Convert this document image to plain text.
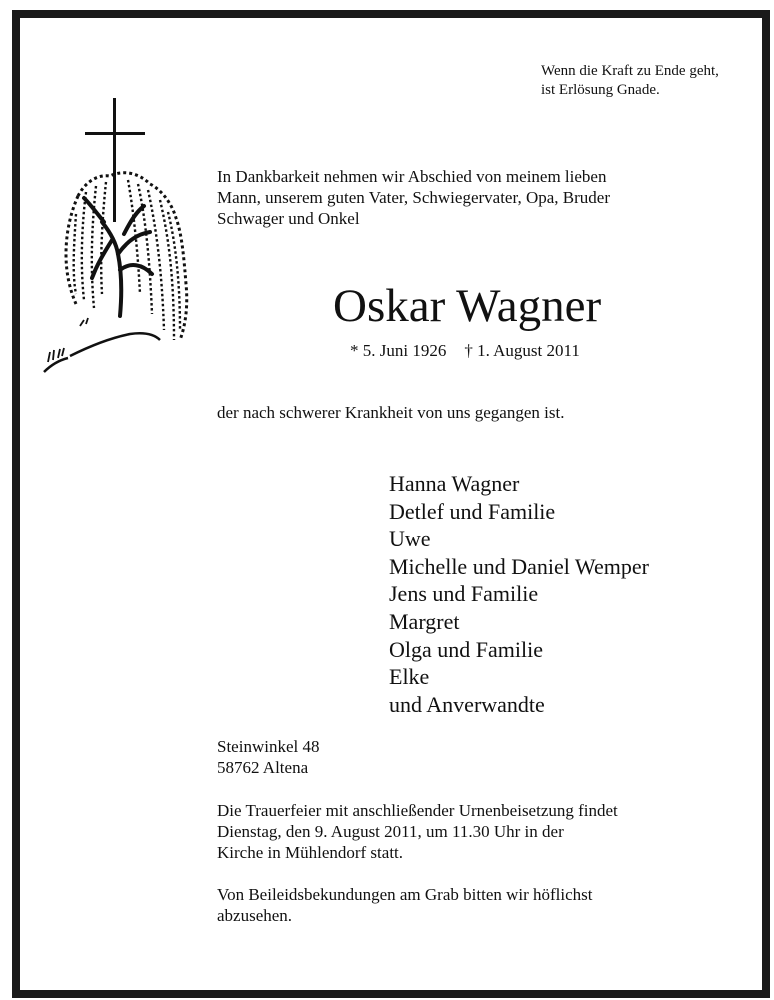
Wenn die Kraft zu Ende geht,
ist Erlösung Gnade.
In Dankbarkeit nehmen wir Abschied von meinem lieben
Mann, unserem guten Vater, Schwiegervater, Opa, Bruder
Schwager und Onkel
Oskar Wagner
* 5. Juni 1926 † 1. August 2011
der nach schwerer Krankheit von uns gegangen ist.
Hanna Wagner
Detlef und Familie
Uwe
Michelle und Daniel Wemper
Jens und Familie
Margret
Olga und Familie
Elke
und Anverwandte
Steinwinkel 48
58762 Altena
Die Trauerfeier mit anschließender Urnenbeisetzung findet
Dienstag, den 9. August 2011, um 11.30 Uhr in der
Kirche in Mühlendorf statt.
Von Beileidsbekundungen am Grab bitten wir höflichst
abzusehen.
